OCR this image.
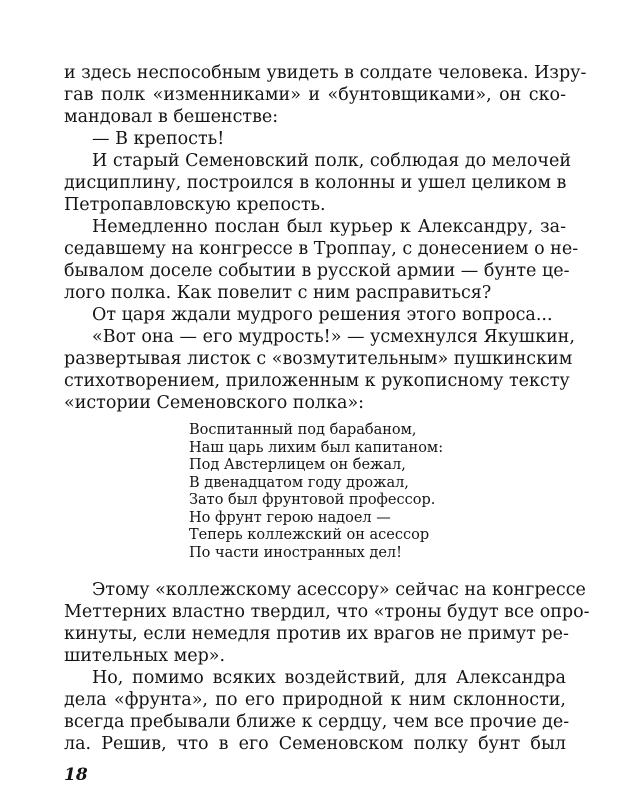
и здесь неспособным увидеть в солдате человека. Изру-
гав полк «изменниками» и «бунтовщиками», он ско-
мандовал в бешенстве:
— В крепость!
И старый Семеновский полк, соблюдая до мелочей
дисциплину, построился в колонны и ушел целиком в
Петропавловскую крепость.
Немедленно послан был курьер к Александру, за-
седавшему на конгрессе в Троппау, с донесением о не-
бывалом доселе событии в русской армии — бунте це-
лого полка. Как повелит с ним расправиться?
От царя ждали мудрого решения этого вопроса...
«Вот она — его мудрость!» — усмехнулся Якушкин,
развертывая листок с «возмутительным» пушкинским
стихотворением, приложенным к рукописному тексту
«истории Семеновского полка»:
Воспитанный под барабаном,
Наш царь лихим был капитаном:
Под Австерлицем он бежал,
В двенадцатом году дрожал,
Зато был фрунтовой профессор.
Но фрунт герою надоел —
Теперь коллежский он асессор
По части иностранных дел!
Этому «коллежскому асессору» сейчас на конгрессе
Меттерних властно твердил, что «троны будут все опро-
кинуты, если немедля против их врагов не примут ре-
шительных мер».
Но, помимо всяких воздействий, для Александра
дела «фрунта», по его природной к ним склонности,
всегда пребывали ближе к сердцу, чем все прочие де-
ла. Решив, что в его Семеновском полку бунт был
18
